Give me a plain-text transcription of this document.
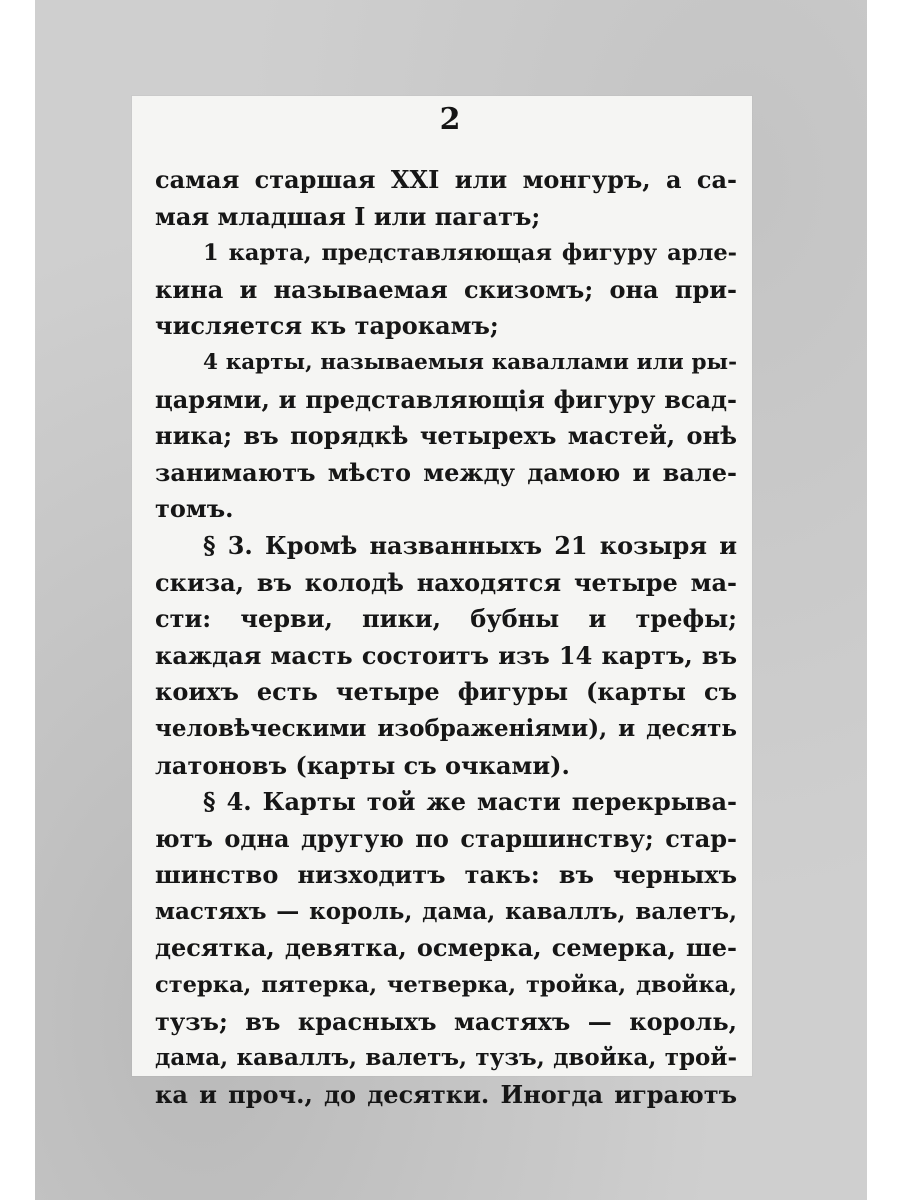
2
самая старшая XXI или монгуръ, а са-
мая младшая I или пагатъ;
1 карта, представляющая фигуру арле-
кина и называемая скизомъ; она при-
числяется къ тарокамъ;
4 карты, называемыя каваллами или ры-
царями, и представляющія фигуру всад-
ника; въ порядкѣ четырехъ мастей, онѣ
занимаютъ мѣсто между дамою и вале-
томъ.
§ 3. Кромѣ названныхъ 21 козыря и
скиза, въ колодѣ находятся четыре ма-
сти: черви, пики, бубны и трефы;
каждая масть состоитъ изъ 14 картъ, въ
коихъ есть четыре фигуры (карты съ
человѣческими изображеніями), и десять
латоновъ (карты съ очками).
§ 4. Карты той же масти перекрыва-
ютъ одна другую по старшинству; стар-
шинство низходитъ такъ: въ черныхъ
мастяхъ — король, дама, каваллъ, валетъ,
десятка, девятка, осмерка, семерка, ше-
стерка, пятерка, четверка, тройка, двойка,
тузъ; въ красныхъ мастяхъ — король,
дама, каваллъ, валетъ, тузъ, двойка, трой-
ка и проч., до десятки. Иногда играютъ
